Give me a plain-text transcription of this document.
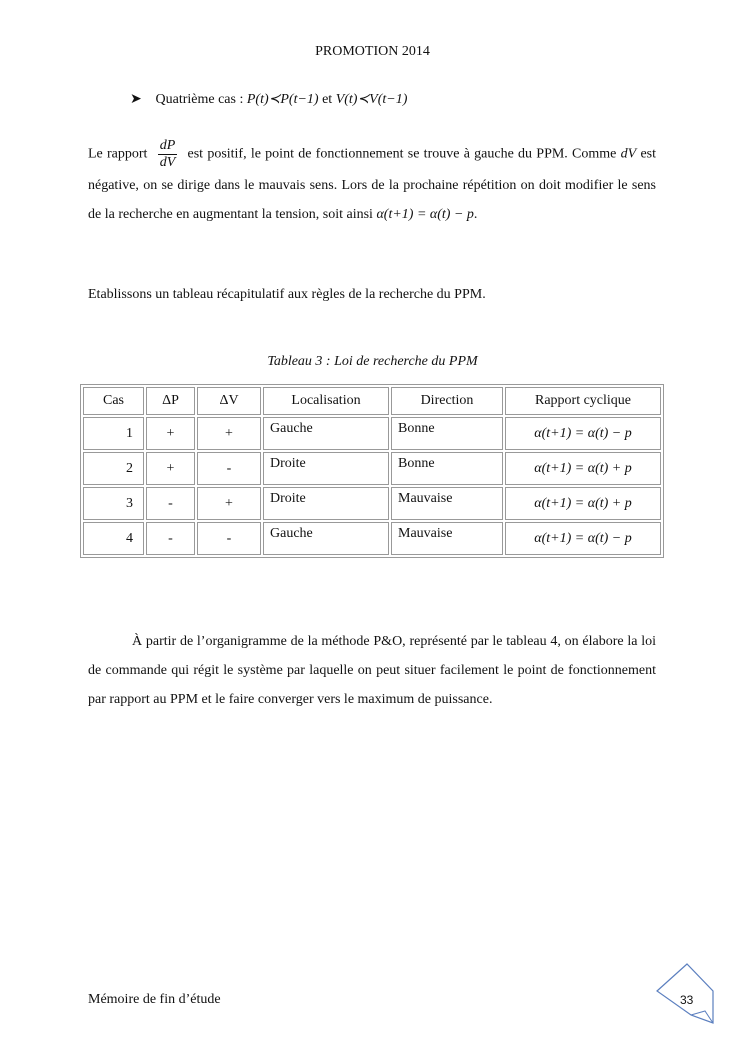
PROMOTION 2014
➤ Quatrième cas : P(t)≺P(t−1) et V(t)≺V(t−1)
Le rapport $\frac{dP}{dV}$ est positif, le point de fonctionnement se trouve à gauche du PPM. Comme dV est négative, on se dirige dans le mauvais sens. Lors de la prochaine répétition on doit modifier le sens de la recherche en augmentant la tension, soit ainsi α(t+1) = α(t) − p.
Etablissons un tableau récapitulatif aux règles de la recherche du PPM.
Tableau 3 : Loi de recherche du PPM
Cas	ΔP	ΔV	Localisation	Direction	Rapport cyclique
1	+	+	Gauche	Bonne	α(t+1) = α(t) − p
2	+	-	Droite	Bonne	α(t+1) = α(t) + p
3	-	+	Droite	Mauvaise	α(t+1) = α(t) + p
4	-	-	Gauche	Mauvaise	α(t+1) = α(t) − p
À partir de l’organigramme de la méthode P&O, représenté par le tableau 4, on élabore la loi de commande qui régit le système par laquelle on peut situer facilement le point de fonctionnement par rapport au PPM et le faire converger vers le maximum de puissance.
Mémoire de fin d’étude	33
